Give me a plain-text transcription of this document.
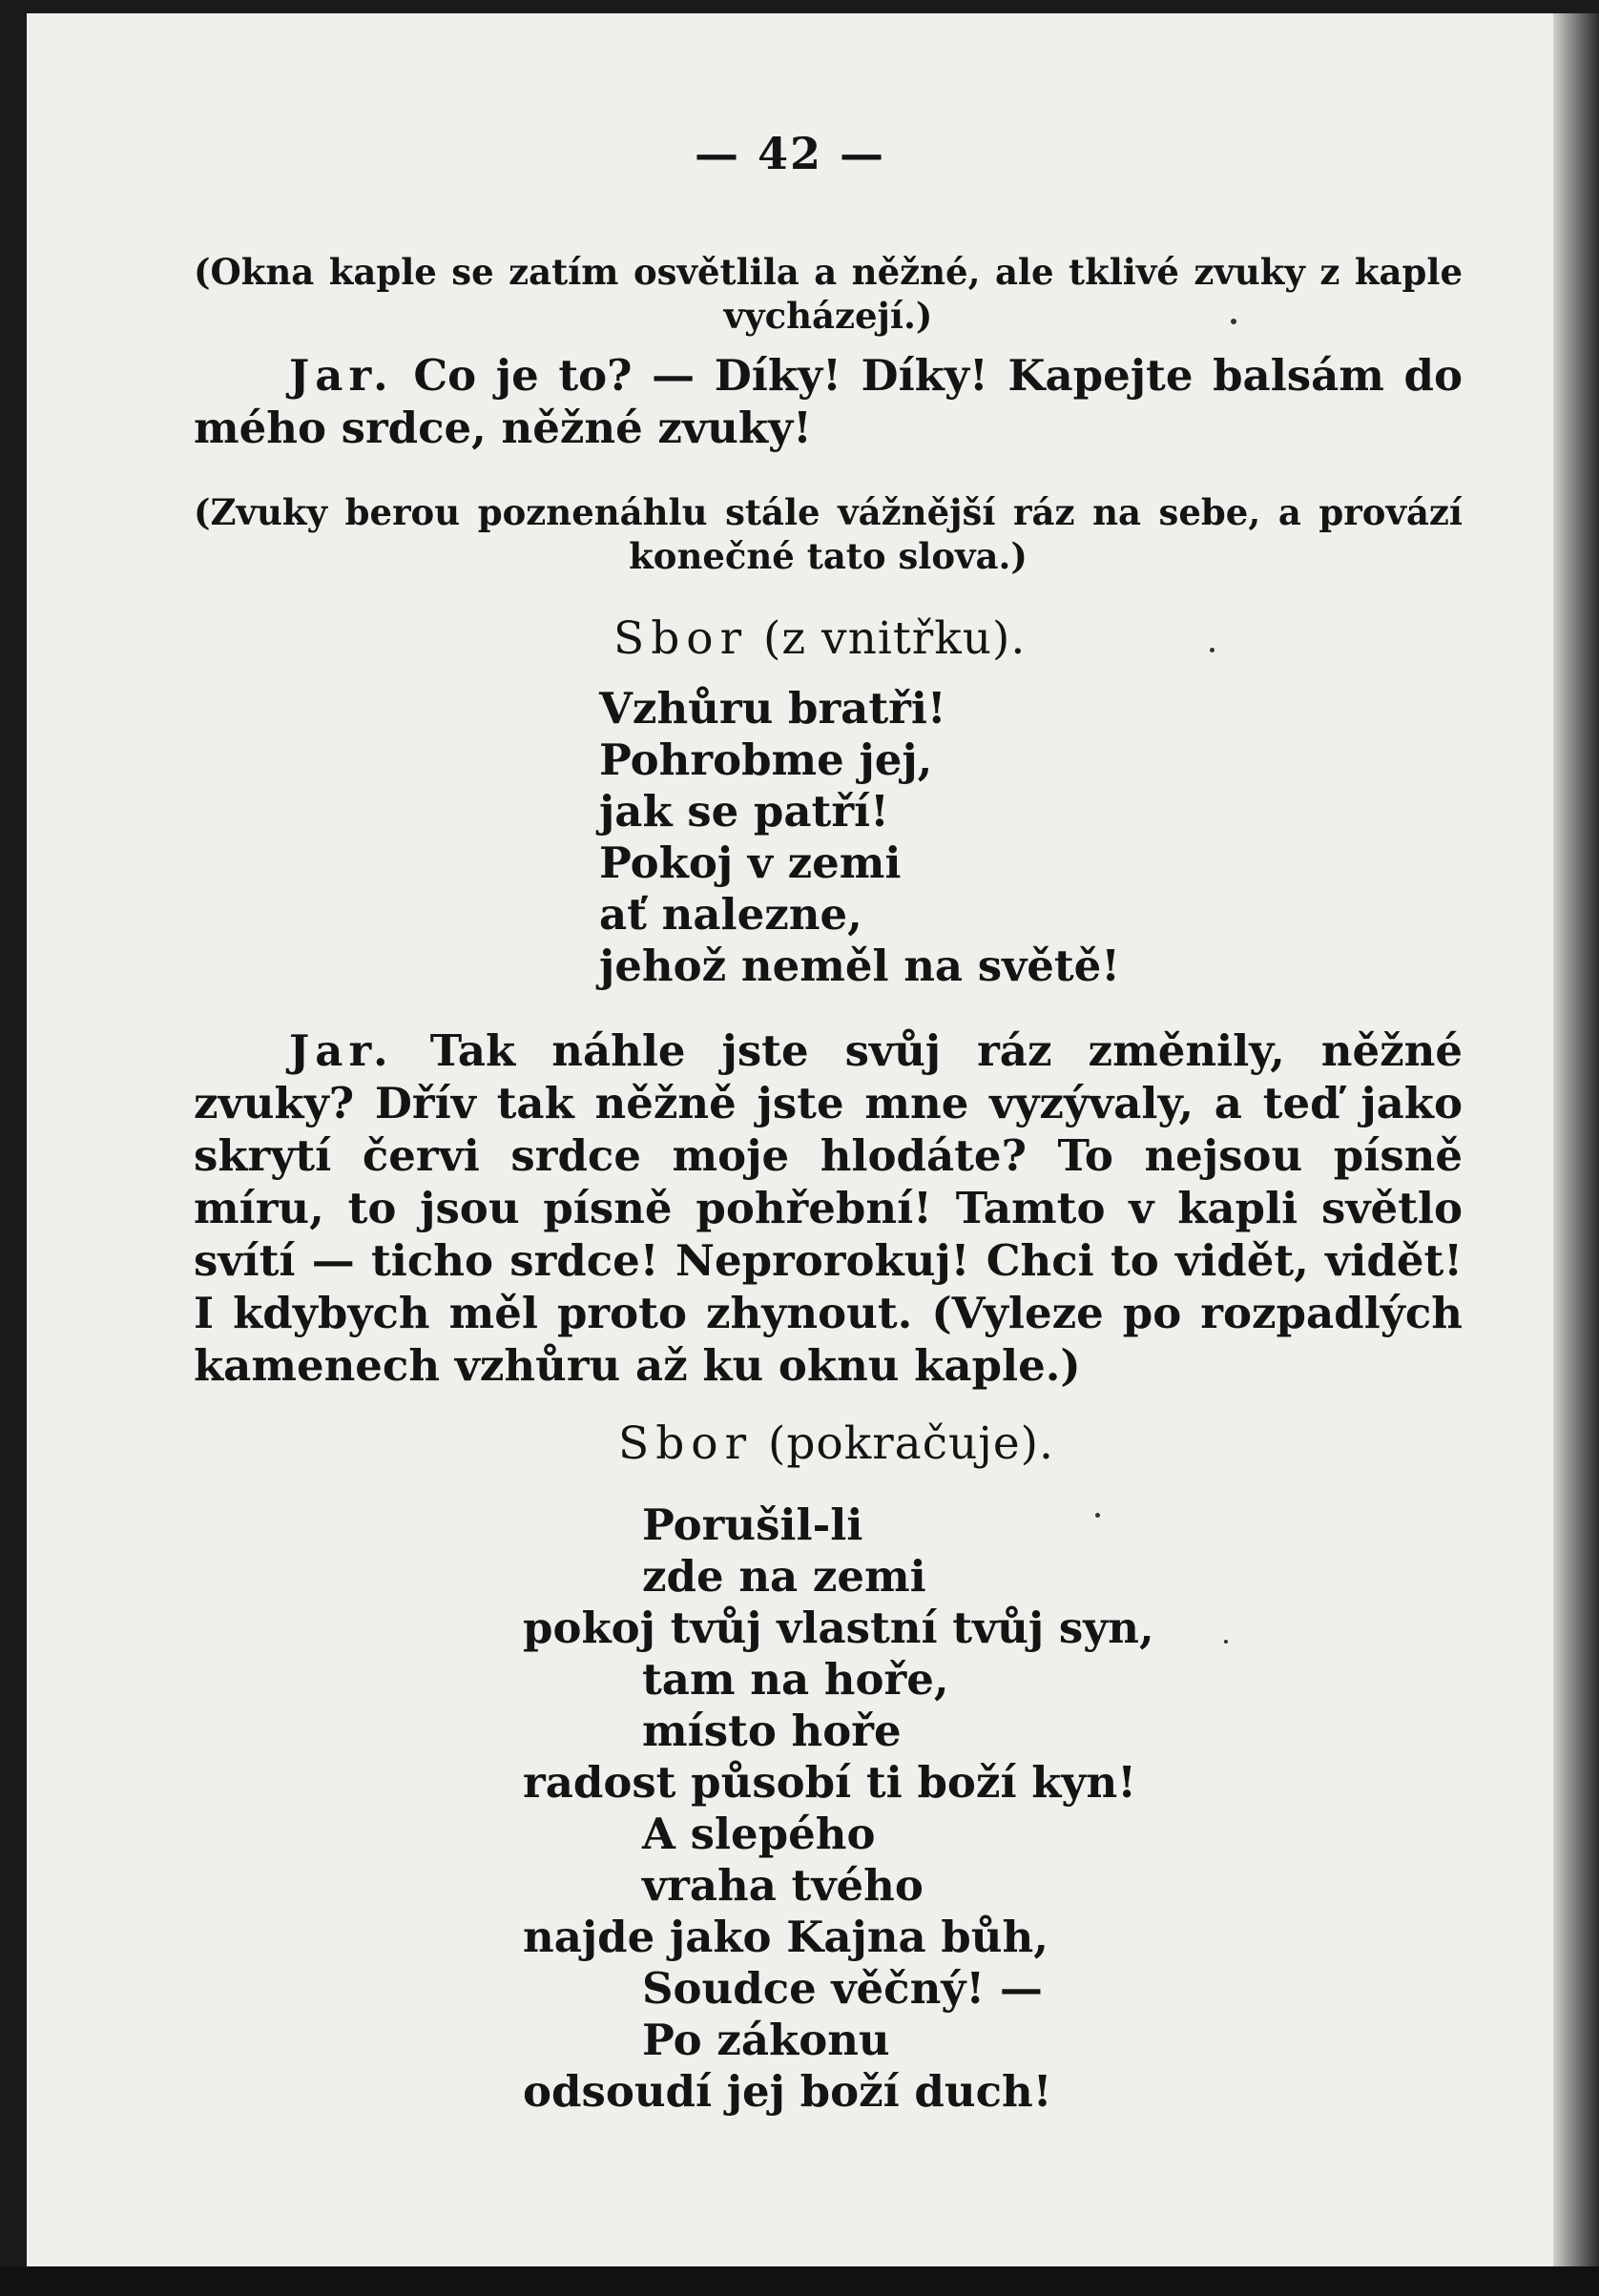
— 42 —
(Okna kaple se zatím osvětlila a něžné, ale tklivé zvuky z kaple vycházejí.)
Jar. Co je to? — Díky! Díky! Kapejte balsám do mého srdce, něžné zvuky!
(Zvuky berou poznenáhlu stále vážnější ráz na sebe, a provází konečné tato slova.)
Sbor (z vnitřku).
Vzhůru bratři!
Pohrobme jej,
jak se patří!
Pokoj v zemi
ať nalezne,
jehož neměl na světě!
Jar. Tak náhle jste svůj ráz změnily, něžné zvuky? Dřív tak něžně jste mne vyzývaly, a teď jako skrytí červi srdce moje hlodáte? To nejsou písně míru, to jsou písně pohřební! Tamto v kapli světlo svítí — ticho srdce! Neprorokuj! Chci to vidět, vidět! I kdybych měl proto zhynout. (Vyleze po rozpadlých kamenech vzhůru až ku oknu kaple.)
Sbor (pokračuje).
Porušil-li
zde na zemi
pokoj tvůj vlastní tvůj syn,
tam na hoře,
místo hoře
radost působí ti boží kyn!
A slepého
vraha tvého
najde jako Kajna bůh,
Soudce věčný! —
Po zákonu
odsoudí jej boží duch!
